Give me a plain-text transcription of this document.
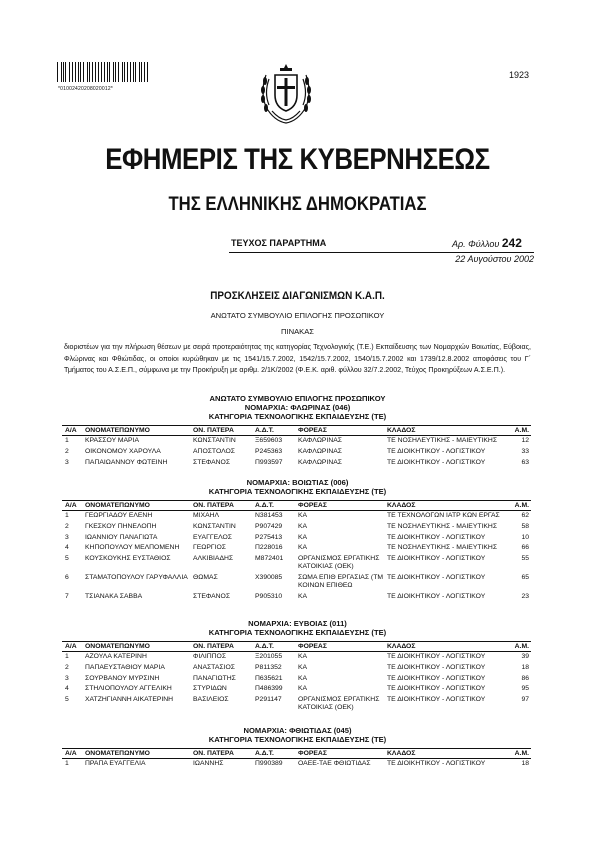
*01002420208020012*
1923
ΕΦΗΜΕΡΙΣ ΤΗΣ ΚΥΒΕΡΝΗΣΕΩΣ
ΤΗΣ ΕΛΛΗΝΙΚΗΣ ΔΗΜΟΚΡΑΤΙΑΣ
ΤΕΥΧΟΣ ΠΑΡΑΡΤΗΜΑ	Αρ. Φύλλου 242
22 Αυγούστου 2002
ΠΡΟΣΚΛΗΣΕΙΣ ΔΙΑΓΩΝΙΣΜΩΝ Κ.Α.Π.
ΑΝΩΤΑΤΟ ΣΥΜΒΟΥΛΙΟ ΕΠΙΛΟΓΗΣ ΠΡΟΣΩΠΙΚΟΥ
ΠΙΝΑΚΑΣ
διοριστέων για την πλήρωση θέσεων με σειρά προτεραιότητας της κατηγορίας Τεχνολογικής (Τ.Ε.) Εκπαίδευσης των Νομαρχιών Βοιωτίας, Εύβοιας, Φλώρινας και Φθιώτιδας, οι οποίοι κυρώθηκαν με τις 1541/15.7.2002, 1542/15.7.2002, 1540/15.7.2002 και 1739/12.8.2002 αποφάσεις του Γ΄ Τμήματος του Α.Σ.Ε.Π., σύμφωνα με την Προκήρυξη με αριθμ. 2/1Κ/2002 (Φ.Ε.Κ. αριθ. φύλλου 32/7.2.2002, Τεύχος Προκηρύξεων Α.Σ.Ε.Π.).
ΑΝΩΤΑΤΟ ΣΥΜΒΟΥΛΙΟ ΕΠΙΛΟΓΗΣ ΠΡΟΣΩΠΙΚΟΥ
ΝΟΜΑΡΧΙΑ: ΦΛΩΡΙΝΑΣ (046)
ΚΑΤΗΓΟΡΙΑ ΤΕΧΝΟΛΟΓΙΚΗΣ ΕΚΠΑΙΔΕΥΣΗΣ (ΤΕ)
Α/Α	ΟΝΟΜΑΤΕΠΩΝΥΜΟ	ΟΝ. ΠΑΤΕΡΑ	Α.Δ.Τ.	ΦΟΡΕΑΣ	ΚΛΑΔΟΣ	Α.Μ.
1	ΚΡΑΣΣΟΥ ΜΑΡΙΑ	ΚΩΝΣΤΑΝΤΙΝ	Ξ659603	ΚΑΦΛΩΡΙΝΑΣ	ΤΕ ΝΟΣΗΛΕΥΤΙΚΗΣ - ΜΑΙΕΥΤΙΚΗΣ	12
2	ΟΙΚΟΝΟΜΟΥ ΧΑΡΟΥΛΑ	ΑΠΟΣΤΟΛΟΣ	Ρ245363	ΚΑΦΛΩΡΙΝΑΣ	ΤΕ ΔΙΟΙΚΗΤΙΚΟΥ - ΛΟΓΙΣΤΙΚΟΥ	33
3	ΠΑΠΑΙΩΑΝΝΟΥ ΦΩΤΕΙΝΗ	ΣΤΕΦΑΝΟΣ	Π993597	ΚΑΦΛΩΡΙΝΑΣ	ΤΕ ΔΙΟΙΚΗΤΙΚΟΥ - ΛΟΓΙΣΤΙΚΟΥ	63
ΝΟΜΑΡΧΙΑ: ΒΟΙΩΤΙΑΣ (006)
ΚΑΤΗΓΟΡΙΑ ΤΕΧΝΟΛΟΓΙΚΗΣ ΕΚΠΑΙΔΕΥΣΗΣ (ΤΕ)
Α/Α	ΟΝΟΜΑΤΕΠΩΝΥΜΟ	ΟΝ. ΠΑΤΕΡΑ	Α.Δ.Τ.	ΦΟΡΕΑΣ	ΚΛΑΔΟΣ	Α.Μ.
1	ΓΕΩΡΓΙΑΔΟΥ ΕΛΕΝΗ	ΜΙΧΑΗΛ	Ν381453	ΚΑ	ΤΕ ΤΕΧΝΟΛΟΓΩΝ ΙΑΤΡ ΚΩΝ ΕΡΓΑΣ	62
2	ΓΚΕΣΚΟΥ ΠΗΝΕΛΟΠΗ	ΚΩΝΣΤΑΝΤΙΝ	Ρ907429	ΚΑ	ΤΕ ΝΟΣΗΛΕΥΤΙΚΗΣ - ΜΑΙΕΥΤΙΚΗΣ	58
3	ΙΩΑΝΝΙΟΥ ΠΑΝΑΓΙΩΤΑ	ΕΥΑΓΓΕΛΟΣ	Ρ275413	ΚΑ	ΤΕ ΔΙΟΙΚΗΤΙΚΟΥ - ΛΟΓΙΣΤΙΚΟΥ	10
4	ΚΗΠΟΠΟΥΛΟΥ ΜΕΛΠΟΜΕΝΗ	ΓΕΩΡΓΙΟΣ	Π228016	ΚΑ	ΤΕ ΝΟΣΗΛΕΥΤΙΚΗΣ - ΜΑΙΕΥΤΙΚΗΣ	66
5	ΚΟΥΣΚΟΥΚΗΣ ΕΥΣΤΑΘΙΟΣ	ΑΛΚΙΒΙΑΔΗΣ	Μ872401	ΟΡΓΑΝΙΣΜΟΣ ΕΡΓΑΤΙΚΗΣ ΚΑΤΟΙΚΙΑΣ (ΟΕΚ)	ΤΕ ΔΙΟΙΚΗΤΙΚΟΥ - ΛΟΓΙΣΤΙΚΟΥ	55
6	ΣΤΑΜΑΤΟΠΟΥΛΟΥ ΓΑΡΥΦΑΛΛΙΑ	ΘΩΜΑΣ	Χ390085	ΣΩΜΑ ΕΠΙΘ ΕΡΓΑΣΙΑΣ (ΤΜ ΚΟΙΝΩΝ ΕΠΙΘΕΩ	ΤΕ ΔΙΟΙΚΗΤΙΚΟΥ - ΛΟΓΙΣΤΙΚΟΥ	65
7	ΤΣΙΑΝΑΚΑ ΣΑΒΒΑ	ΣΤΕΦΑΝΟΣ	Ρ905310	ΚΑ	ΤΕ ΔΙΟΙΚΗΤΙΚΟΥ - ΛΟΓΙΣΤΙΚΟΥ	23
ΝΟΜΑΡΧΙΑ: ΕΥΒΟΙΑΣ (011)
ΚΑΤΗΓΟΡΙΑ ΤΕΧΝΟΛΟΓΙΚΗΣ ΕΚΠΑΙΔΕΥΣΗΣ (ΤΕ)
Α/Α	ΟΝΟΜΑΤΕΠΩΝΥΜΟ	ΟΝ. ΠΑΤΕΡΑ	Α.Δ.Τ.	ΦΟΡΕΑΣ	ΚΛΑΔΟΣ	Α.Μ.
1	ΑΖΟΥΛΑ ΚΑΤΕΡΙΝΗ	ΦΙΛΙΠΠΟΣ	Ξ201055	ΚΑ	ΤΕ ΔΙΟΙΚΗΤΙΚΟΥ - ΛΟΓΙΣΤΙΚΟΥ	39
2	ΠΑΠΑΕΥΣΤΑΘΙΟΥ ΜΑΡΙΑ	ΑΝΑΣΤΑΣΙΟΣ	Ρ811352	ΚΑ	ΤΕ ΔΙΟΙΚΗΤΙΚΟΥ - ΛΟΓΙΣΤΙΚΟΥ	18
3	ΣΟΥΡΒΑΝΟΥ ΜΥΡΣΙΝΗ	ΠΑΝΑΓΙΩΤΗΣ	Π635621	ΚΑ	ΤΕ ΔΙΟΙΚΗΤΙΚΟΥ - ΛΟΓΙΣΤΙΚΟΥ	86
4	ΣΤΗΛΙΟΠΟΥΛΟΥ ΑΓΓΕΛΙΚΗ	ΣΤΥΡΙΔΩΝ	Π486399	ΚΑ	ΤΕ ΔΙΟΙΚΗΤΙΚΟΥ - ΛΟΓΙΣΤΙΚΟΥ	95
5	ΧΑΤΖΗΓΙΑΝΝΗ ΑΙΚΑΤΕΡΙΝΗ	ΒΑΣΙΛΕΙΟΣ	Ρ291147	ΟΡΓΑΝΙΣΜΟΣ ΕΡΓΑΤΙΚΗΣ ΚΑΤΟΙΚΙΑΣ (ΟΕΚ)	ΤΕ ΔΙΟΙΚΗΤΙΚΟΥ - ΛΟΓΙΣΤΙΚΟΥ	97
ΝΟΜΑΡΧΙΑ: ΦΘΙΩΤΙΔΑΣ (045)
ΚΑΤΗΓΟΡΙΑ ΤΕΧΝΟΛΟΓΙΚΗΣ ΕΚΠΑΙΔΕΥΣΗΣ (ΤΕ)
Α/Α	ΟΝΟΜΑΤΕΠΩΝΥΜΟ	ΟΝ. ΠΑΤΕΡΑ	Α.Δ.Τ.	ΦΟΡΕΑΣ	ΚΛΑΔΟΣ	Α.Μ.
1	ΠΡΑΠΑ ΕΥΑΓΓΕΛΙΑ	ΙΩΑΝΝΗΣ	Π990389	ΟΑΕΕ-ΤΑΕ ΦΘΙΩΤΙΔΑΣ	ΤΕ ΔΙΟΙΚΗΤΙΚΟΥ - ΛΟΓΙΣΤΙΚΟΥ	18
